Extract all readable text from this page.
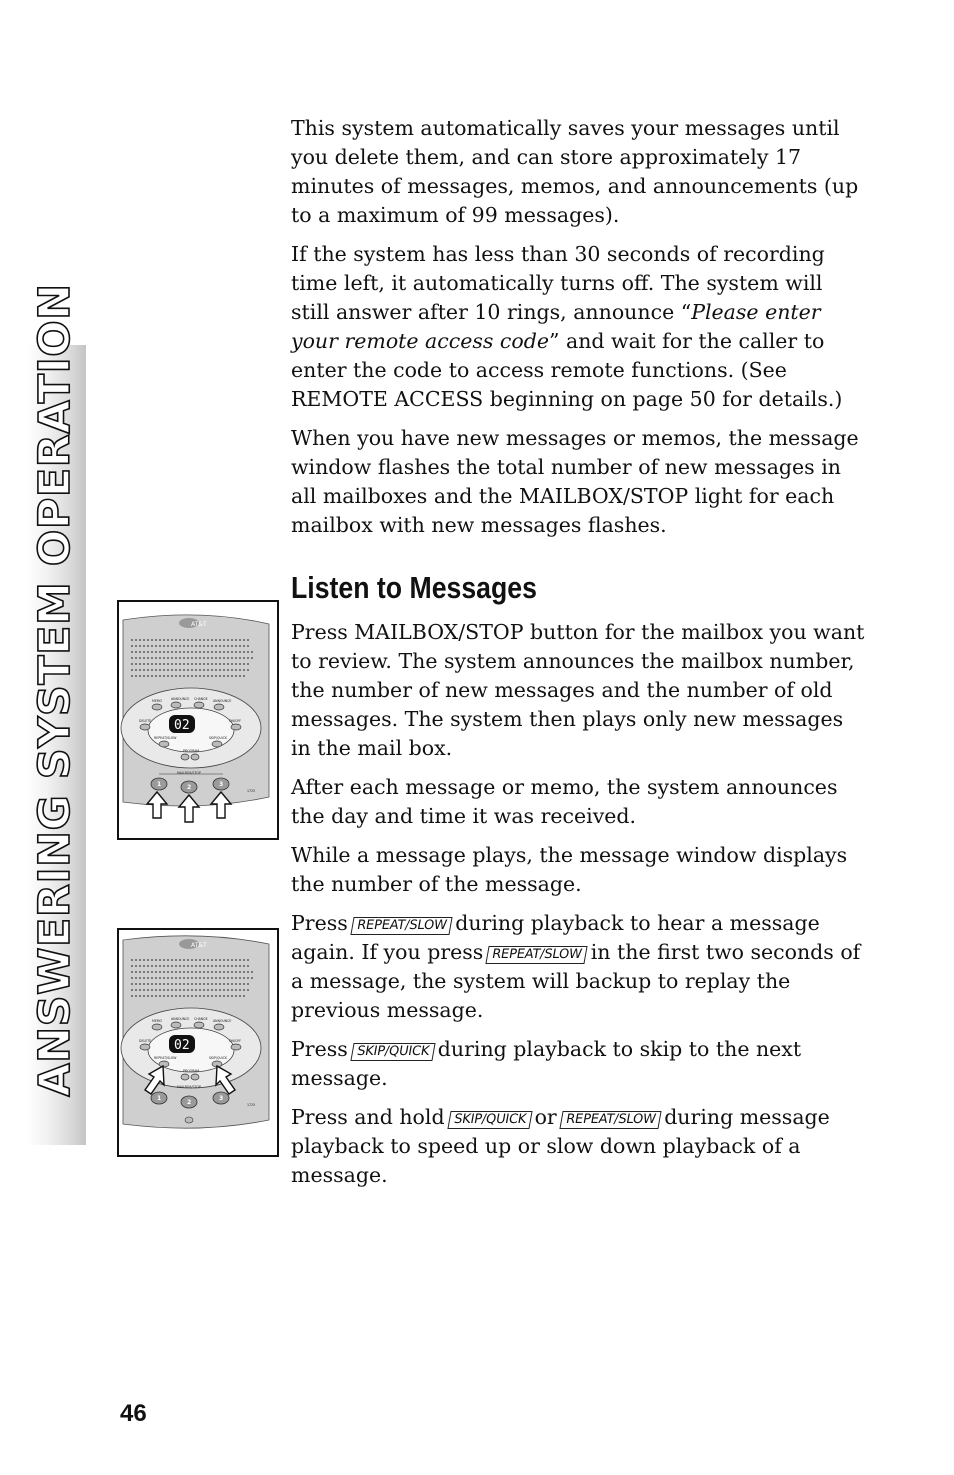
ANSWERING SYSTEM OPERATION

This system automatically saves your messages until you delete them, and can store approximately 17 minutes of messages, memos, and announcements (up to a maximum of 99 messages).

If the system has less than 30 seconds of recording time left, it automatically turns off. The system will still answer after 10 rings, announce “Please enter your remote access code” and wait for the caller to enter the code to access remote functions. (See REMOTE ACCESS beginning on page 50 for details.)

When you have new messages or memos, the message window flashes the total number of new messages in all mailboxes and the MAILBOX/STOP light for each mailbox with new messages flashes.

Listen to Messages

Press MAILBOX/STOP button for the mailbox you want to review. The system announces the mailbox number, the number of new messages and the number of old messages. The system then plays only new messages in the mail box.

After each message or memo, the system announces the day and time it was received.

While a message plays, the message window displays the number of the message.

Press REPEAT/SLOW during playback to hear a message again. If you press REPEAT/SLOW in the first two seconds of a message, the system will backup to replay the previous message.

Press SKIP/QUICK during playback to skip to the next message.

Press and hold SKIP/QUICK or REPEAT/SLOW during message playback to speed up or slow down playback of a message.

AT&T
02
MEMO	ANNOUNCE CHANGE ANNOUNCE
DELETE	ON/OFF
REPEAT/SLOW	SKIP/QUICK
PROGRAM
MAILBOX/STOP
1725
1	2	3
AT&T
02
MEMO	ANNOUNCE CHANGE ANNOUNCE
DELETE	ON/OFF
REPEAT/SLOW	SKIP/QUICK
PROGRAM
MAILBOX/STOP
1725
1
2
3
46
